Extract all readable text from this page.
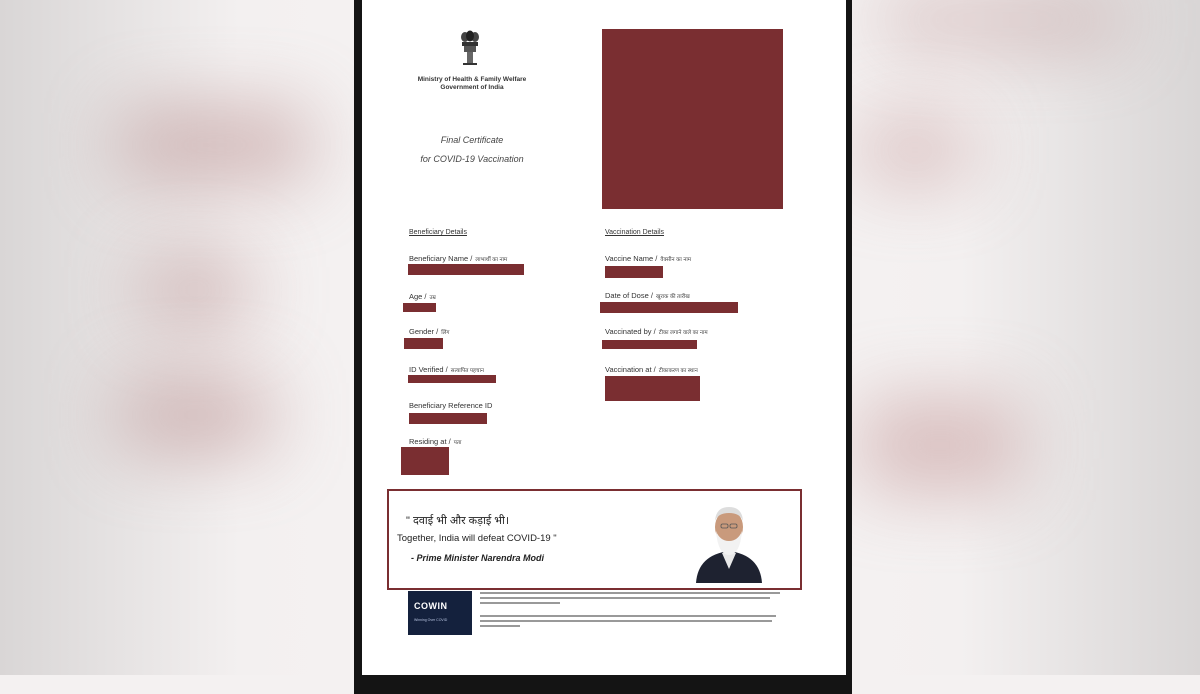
Ministry of Health & Family Welfare
Government of India
Final Certificate
for COVID-19 Vaccination
Beneficiary Details
Beneficiary Name / लाभार्थी का नाम
Age / उम्र
Gender / लिंग
ID Verified / सत्यापित पहचान
Beneficiary Reference ID
Residing at / पता
Vaccination Details
Vaccine Name / वैक्सीन का नाम
Date of Dose / खुराक की तारीख
Vaccinated by / टीका लगाने वाले का नाम
Vaccination at / टीकाकरण का स्थान
" दवाई भी और कड़ाई भी।
Together, India will defeat COVID-19 "
- Prime Minister Narendra Modi
COWIN
Winning Over COVID
